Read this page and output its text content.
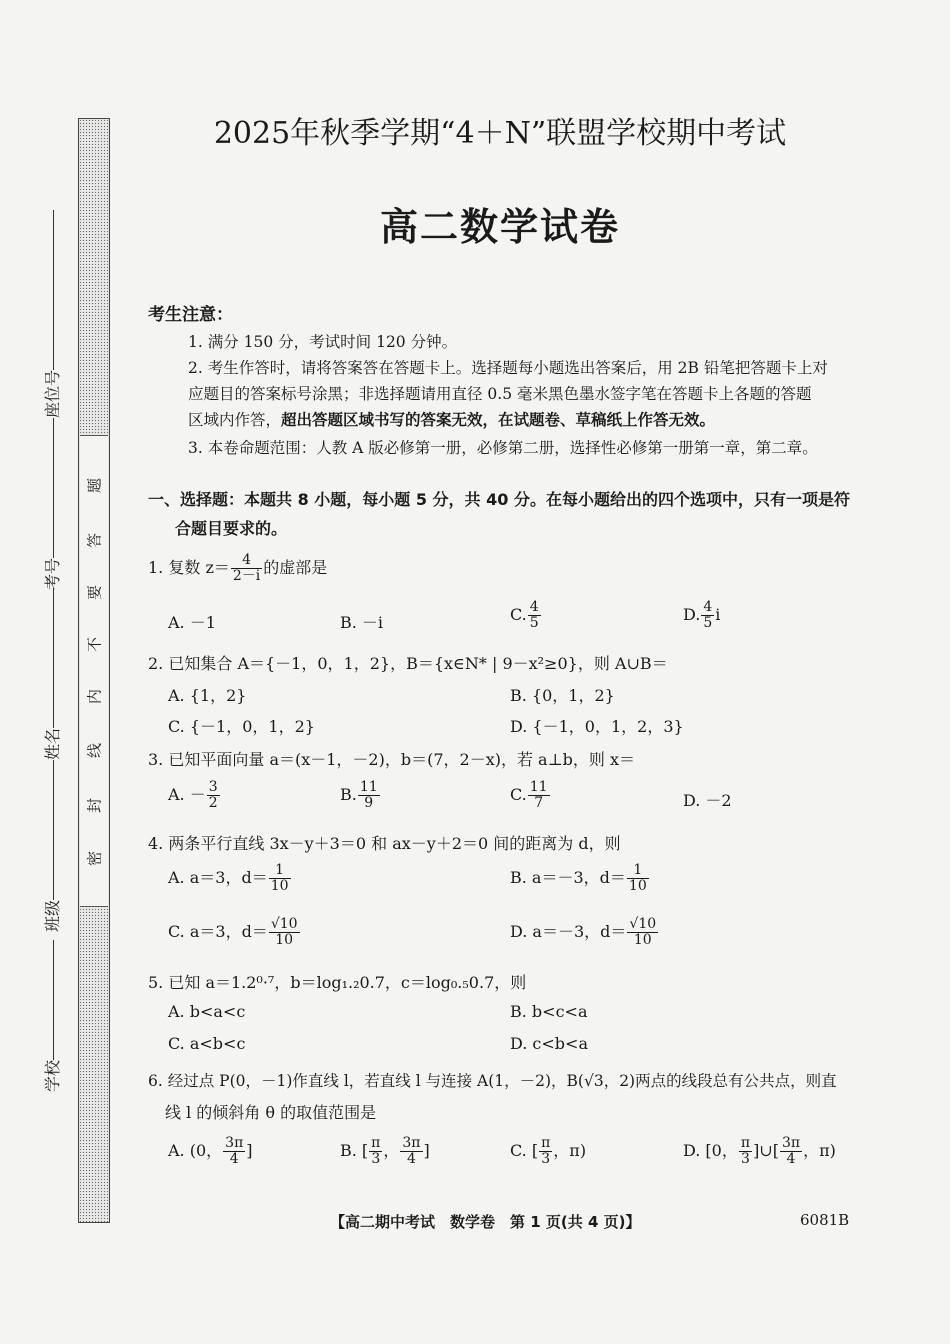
题
答
要
不
内
线
封
密
座位号
考号
姓名
班级
学校
2025年秋季学期“4＋N”联盟学校期中考试
高二数学试卷
考生注意：
1. 满分 150 分，考试时间 120 分钟。
2. 考生作答时，请将答案答在答题卡上。选择题每小题选出答案后，用 2B 铅笔把答题卡上对
应题目的答案标号涂黑；非选择题请用直径 0.5 毫米黑色墨水签字笔在答题卡上各题的答题
区域内作答，超出答题区域书写的答案无效，在试题卷、草稿纸上作答无效。
3. 本卷命题范围：人教 A 版必修第一册，必修第二册，选择性必修第一册第一章，第二章。
一、选择题：本题共 8 小题，每小题 5 分，共 40 分。在每小题给出的四个选项中，只有一项是符
合题目要求的。
1. 复数 $z= \frac{4}{2-i}$ 的虚部是
A. －1	B. －i	C. $\frac{4}{5}$	D. $\frac{4}{5}$ i
2. 已知集合 A＝{－1，0，1，2}，B＝{x∈N* | 9－x²≥0}，则 A∪B＝
A. {1，2}	B. {0，1，2}
C. {－1，0，1，2}	D. {－1，0，1，2，3}
3. 已知平面向量 a＝(x－1，－2)，b＝(7，2－x)，若 a⊥b，则 x＝
A. － $\frac{3}{2}$	B. $\frac{11}{9}$	C. $\frac{11}{7}$	D. －2
4. 两条平行直线 3x－y＋3＝0 和 ax－y＋2＝0 间的距离为 d，则
A. a＝3，$d= \frac{1}{10}$	B. a＝－3，$d= \frac{1}{10}$
C. a＝3，$d= \frac{√10}{10}$	D. a＝－3，$d= \frac{√10}{10}$
5. 已知 a＝1.2⁰·⁷，b＝log₁.₂0.7，c＝log₀.₅0.7，则
A. b<a<c	B. b<c<a
C. a<b<c	D. c<b<a
6. 经过点 P(0，－1)作直线 l，若直线 l 与连接 A(1，－2)，B(√3，2)两点的线段总有公共点，则直
线 l 的倾斜角 θ 的取值范围是
A. (0， $\frac{3\pi}{4}$ ]	B. [ $\frac{\pi}{3}$ ， $\frac{3\pi}{4}$ ]	C. [ $\frac{\pi}{3}$ ，π)	D. [0， $\frac{\pi}{3}$ ]∪[ $\frac{3\pi}{4}$ ，π)
【高二期中考试　数学卷　第 1 页(共 4 页)】	6081B
